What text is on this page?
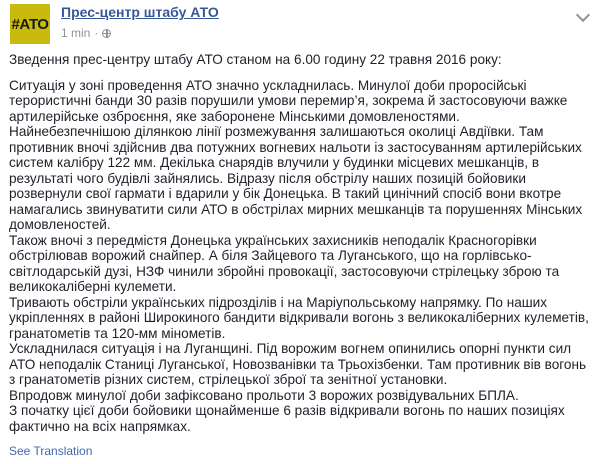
#АТО
Прес-центр штабу АТО
1 min ·

Зведення прес-центру штабу АТО станом на 6.00 годину 22 травня 2016 року:

Ситуація у зоні проведення АТО значно ускладнилась. Минулої доби проросійські терористичні банди 30 разів порушили умови перемир’я, зокрема й застосовуючи важке артилерійське озброєння, яке заборонене Мінськими домовленостями.

Найнебезпечнішою ділянкою лінії розмежування залишаються околиці Авдіївки. Там противник вночі здійснив два потужних вогневих нальоти із застосуванням артилерійських систем калібру 122 мм. Декілька снарядів влучили у будинки місцевих мешканців, в результаті чого будівлі зайнялись. Відразу після обстрілу наших позицій бойовики розвернули свої гармати і вдарили у бік Донецька. В такий цинічний спосіб вони вкотре намагались звинуватити сили АТО в обстрілах мирних мешканців та порушеннях Мінських домовленостей.

Також вночі з передмістя Донецька українських захисників неподалік Красногорівки обстрілював ворожий снайпер. А біля Зайцевого та Луганського, що на горлівсько-світлодарській дузі, НЗФ чинили збройні провокації, застосовуючи стрілецьку зброю та великокаліберні кулемети.

Тривають обстріли українських підрозділів і на Маріупольському напрямку. По наших укріпленнях в районі Широкиного бандити відкривали вогонь з великокаліберних кулеметів, гранатометів та 120-мм мінометів.

Ускладнилася ситуація і на Луганщині. Під ворожим вогнем опинились опорні пункти сил АТО неподалік Станиці Луганської, Новозванівки та Трьохізбенки. Там противник вів вогонь з гранатометів різних систем, стрілецької зброї та зенітної установки.

Впродовж минулої доби зафіксовано прольоти 3 ворожих розвідувальних БПЛА.

З початку цієї доби бойовики щонайменше 6 разів відкривали вогонь по наших позиціях фактично на всіх напрямках.

See Translation
